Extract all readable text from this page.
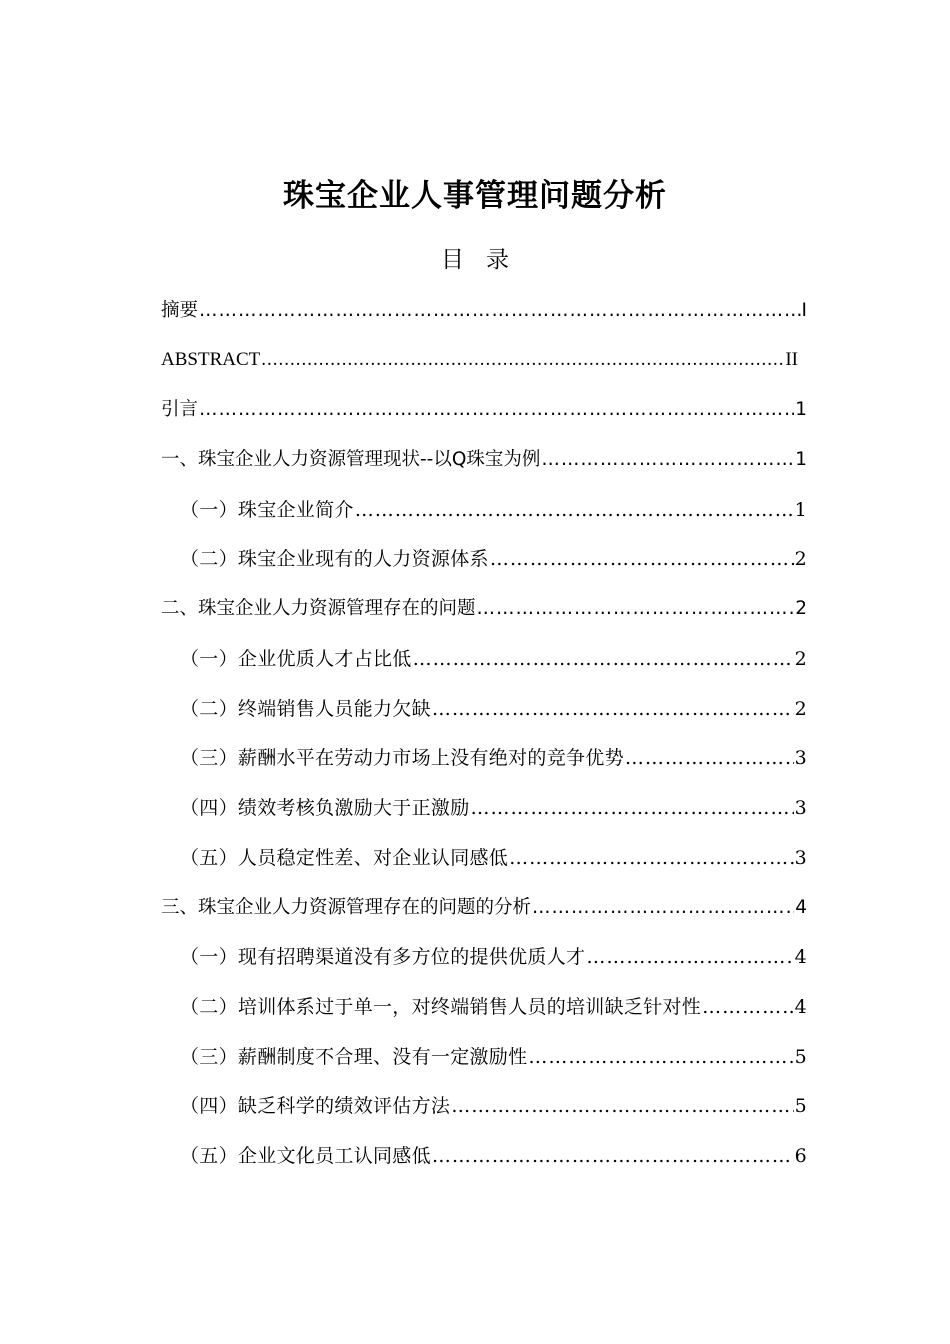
珠宝企业人事管理问题分析
目录
摘要 ……………………………………………………………………………………………………………………………………	I
ABSTRACT .....	II
引言 ……………………………………………………………………………………………………………………………………	1
一、珠宝企业人力资源管理现状--以Q珠宝为例 ……………………………………………………………………………………………………………………………………	1
（一）珠宝企业简介 ……………………………………………………………………………………………………………………………………	1
（二）珠宝企业现有的人力资源体系 ……………………………………………………………………………………………………………………………………	2
二、珠宝企业人力资源管理存在的问题 ……………………………………………………………………………………………………………………………………	2
（一）企业优质人才占比低 ……………………………………………………………………………………………………………………………………	2
（二）终端销售人员能力欠缺 ……………………………………………………………………………………………………………………………………	2
（三）薪酬水平在劳动力市场上没有绝对的竞争优势 ……………………………………………………………………………………………………………………………………	3
（四）绩效考核负激励大于正激励 ……………………………………………………………………………………………………………………………………	3
（五）人员稳定性差、对企业认同感低 ……………………………………………………………………………………………………………………………………	3
三、珠宝企业人力资源管理存在的问题的分析 ……………………………………………………………………………………………………………………………………	4
（一）现有招聘渠道没有多方位的提供优质人才 ……………………………………………………………………………………………………………………………………	4
（二）培训体系过于单一，对终端销售人员的培训缺乏针对性 ……………………………………………………………………………………………………………………………………	4
（三）薪酬制度不合理、没有一定激励性 ……………………………………………………………………………………………………………………………………	5
（四）缺乏科学的绩效评估方法 ……………………………………………………………………………………………………………………………………	5
（五）企业文化员工认同感低 ……………………………………………………………………………………………………………………………………	6
